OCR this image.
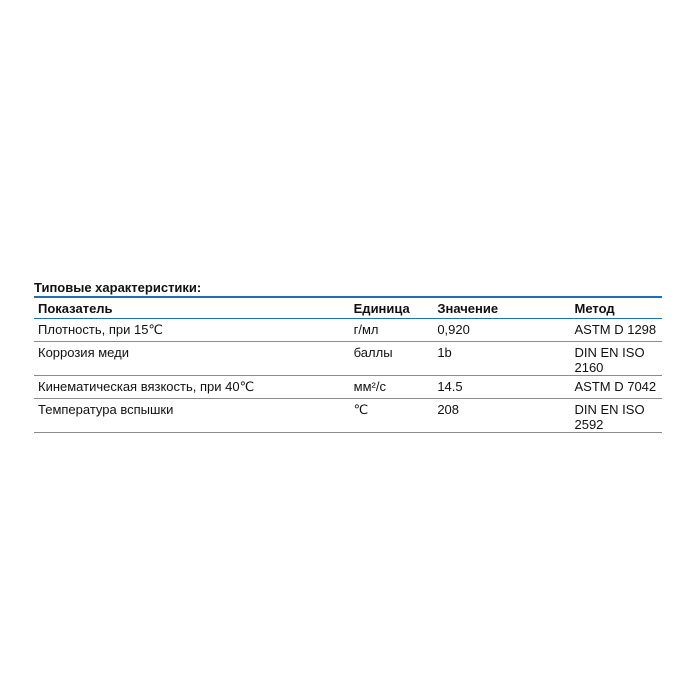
Типовые характеристики:
Показатель	Единица	Значение	Метод
Плотность, при 15℃	г/мл	0,920	ASTM D 1298
Коррозия меди	баллы	1b	DIN EN ISO 2160
Кинематическая вязкость, при 40℃	мм²/с	14.5	ASTM D 7042
Температура вспышки	℃	208	DIN EN ISO 2592
